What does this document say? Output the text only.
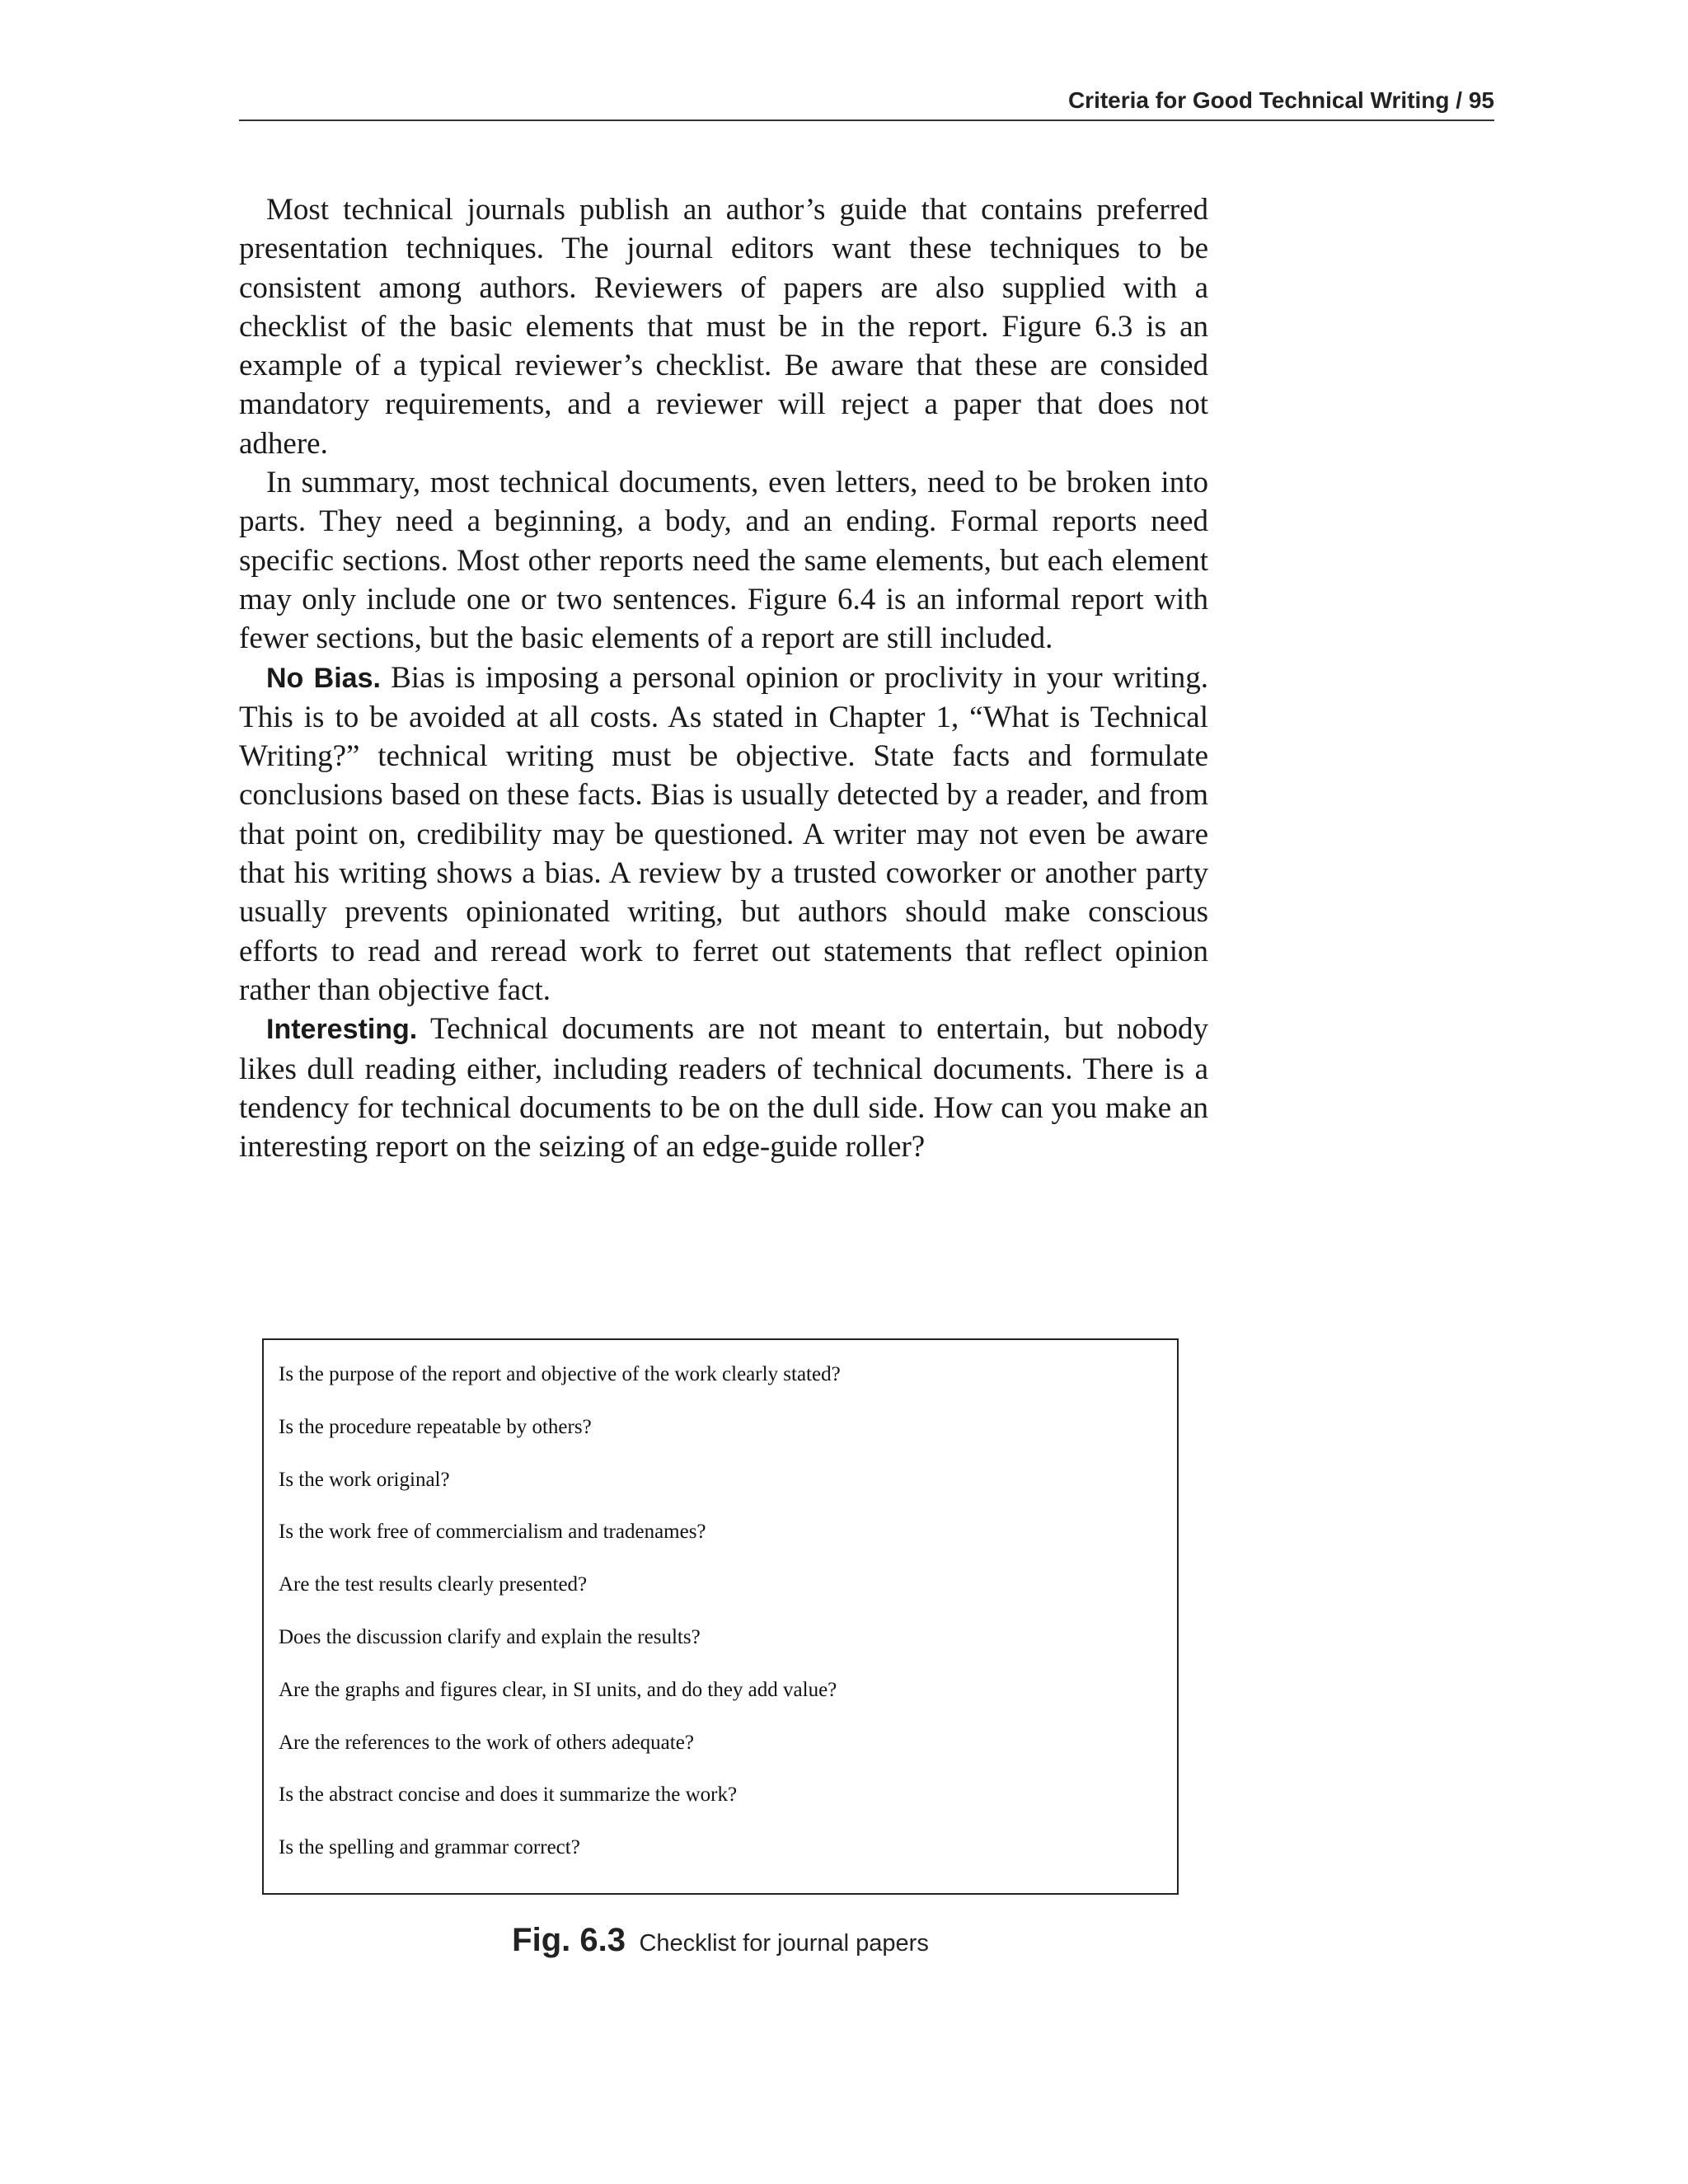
Criteria for Good Technical Writing / 95

Most technical journals publish an author’s guide that contains preferred presentation techniques. The journal editors want these techniques to be consistent among authors. Reviewers of papers are also supplied with a checklist of the basic elements that must be in the report. Figure 6.3 is an example of a typical reviewer’s checklist. Be aware that these are consided mandatory requirements, and a reviewer will reject a paper that does not adhere.

In summary, most technical documents, even letters, need to be broken into parts. They need a beginning, a body, and an ending. Formal reports need specific sections. Most other reports need the same elements, but each element may only include one or two sentences. Figure 6.4 is an informal report with fewer sections, but the basic elements of a report are still included.

No Bias. Bias is imposing a personal opinion or proclivity in your writing. This is to be avoided at all costs. As stated in Chapter 1, “What is Technical Writing?” technical writing must be objective. State facts and formulate conclusions based on these facts. Bias is usually detected by a reader, and from that point on, credibility may be questioned. A writer may not even be aware that his writing shows a bias. A review by a trusted coworker or another party usually prevents opinionated writing, but authors should make conscious efforts to read and reread work to ferret out statements that reflect opinion rather than objective fact.

Interesting. Technical documents are not meant to entertain, but nobody likes dull reading either, including readers of technical documents. There is a tendency for technical documents to be on the dull side. How can you make an interesting report on the seizing of an edge-guide roller?

Is the purpose of the report and objective of the work clearly stated?
Is the procedure repeatable by others?
Is the work original?
Is the work free of commercialism and tradenames?
Are the test results clearly presented?
Does the discussion clarify and explain the results?
Are the graphs and figures clear, in SI units, and do they add value?
Are the references to the work of others adequate?
Is the abstract concise and does it summarize the work?
Is the spelling and grammar correct?
Fig. 6.3 Checklist for journal papers
